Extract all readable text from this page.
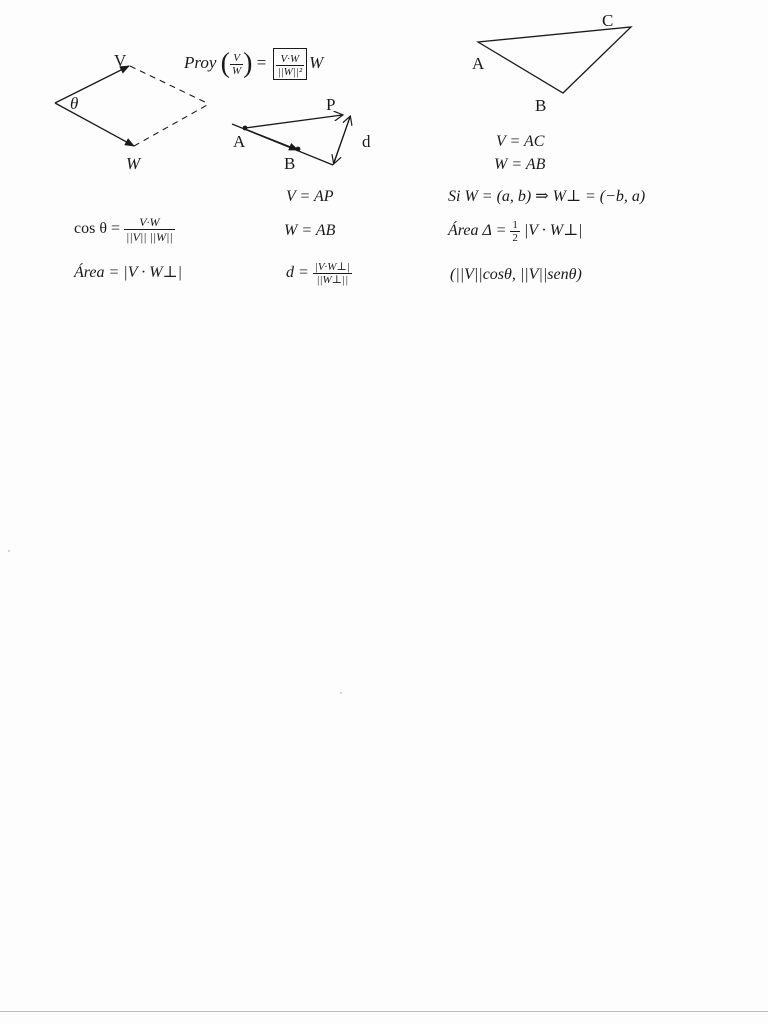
V
θ
W
A
B
P
d
A
B
C
Proy ( $\frac{V}{W}$ ) = $\frac{V\cdot W}{\text{||W||²}}$ W
$\cos \theta = \frac{V\cdot W}{||V|| ||W||}$
Área = |V · W⊥|
V = AP
W = AB
$d = \frac{|V\cdot W\perp|}{||W\perp||}$
V = AC
W = AB
Si W = (a, b) ⇒ W⊥ = (−b, a)
Área $\Delta = \frac{1}{2} |V$ · W⊥|
(||V||cosθ, ||V||senθ)
